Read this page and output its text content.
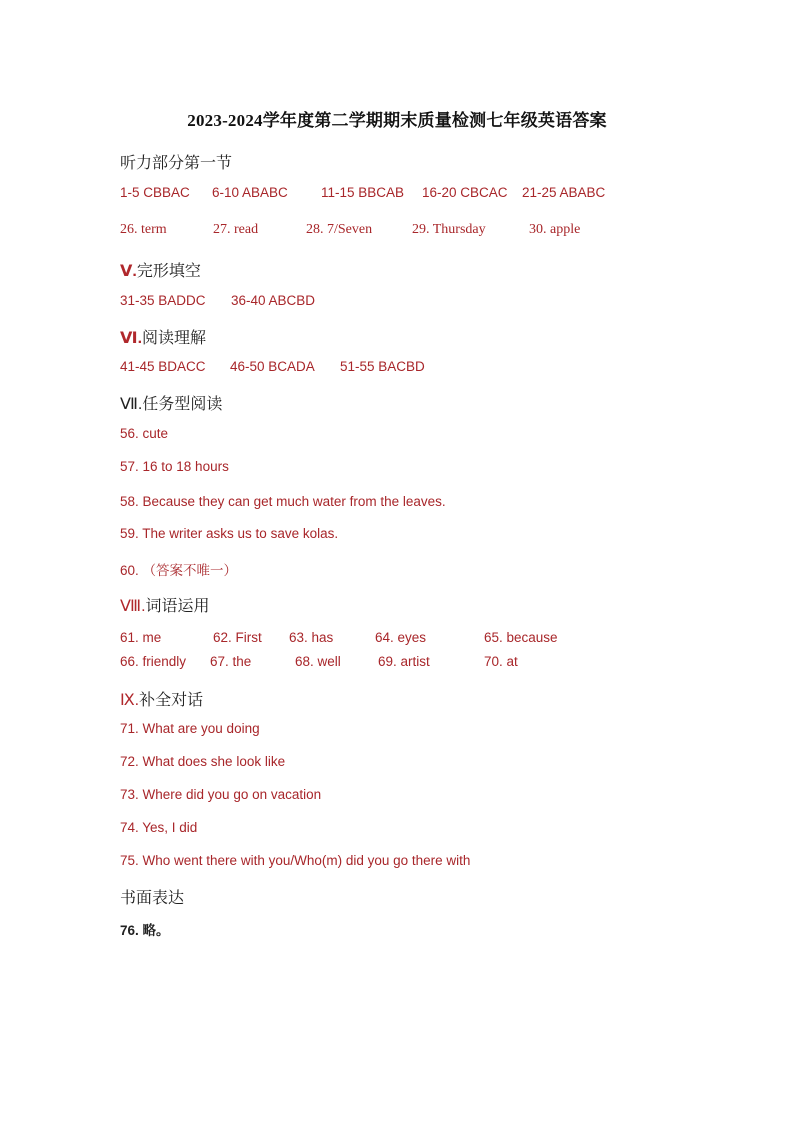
2023-2024学年度第二学期期末质量检测七年级英语答案
听力部分第一节
1-5 CBBAC 6-10 ABABC 11-15 BBCAB 16-20 CBCAC 21-25 ABABC
26. term	27. read	28. 7/Seven	29. Thursday	30. apple
Ⅴ.完形填空
31-35 BADDC 36-40 ABCBD
Ⅵ.阅读理解
41-45 BDACC 46-50 BCADA 51-55 BACBD
Ⅶ.任务型阅读
56. cute
57. 16 to 18 hours
58. Because they can get much water from the leaves.
59. The writer asks us to save kolas.
60. （答案不唯一）
Ⅷ.词语运用
61. me	62. First 63. has	64. eyes	65. because
66. friendly 67. the	68. well	69. artist	70. at
Ⅸ.补全对话
71. What are you doing
72. What does she look like
73. Where did you go on vacation
74. Yes, I did
75. Who went there with you/Who(m) did you go there with
书面表达
76. 略。
